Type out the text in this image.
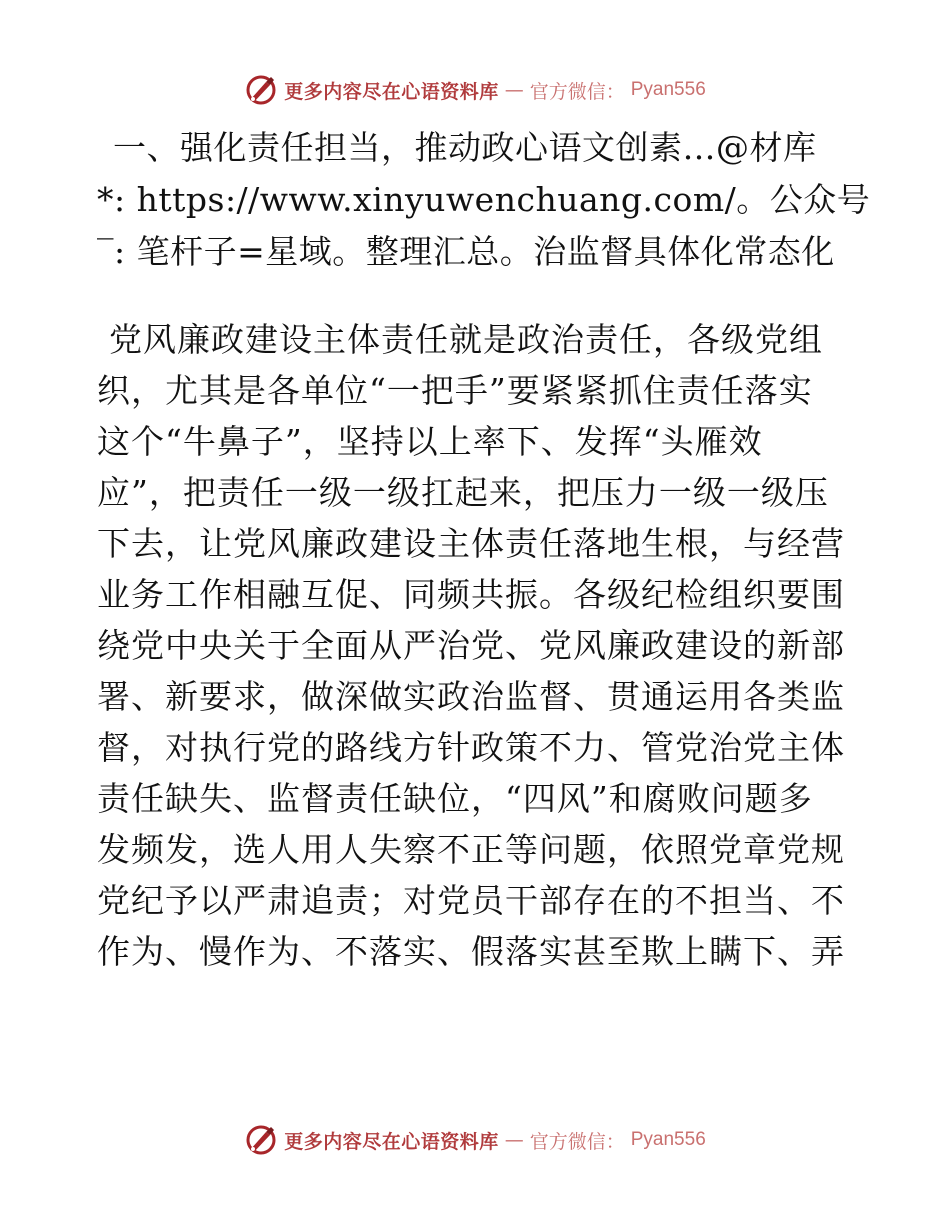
更多内容尽在心语资料库 — 官方微信： Pyan556
一、强化责任担当，推动政心语文创素…@材库
*: https://www.xinyuwenchuang.com/。公众号
‾: 笔杆子=星域。整理汇总。治监督具体化常态化
党风廉政建设主体责任就是政治责任，各级党组
织，尤其是各单位“一把手”要紧紧抓住责任落实
这个“牛鼻子”，坚持以上率下、发挥“头雁效
应”，把责任一级一级扛起来，把压力一级一级压
下去，让党风廉政建设主体责任落地生根，与经营
业务工作相融互促、同频共振。各级纪检组织要围
绕党中央关于全面从严治党、党风廉政建设的新部
署、新要求，做深做实政治监督、贯通运用各类监
督，对执行党的路线方针政策不力、管党治党主体
责任缺失、监督责任缺位，“四风”和腐败问题多
发频发，选人用人失察不正等问题，依照党章党规
党纪予以严肃追责；对党员干部存在的不担当、不
作为、慢作为、不落实、假落实甚至欺上瞒下、弄
更多内容尽在心语资料库 — 官方微信： Pyan556
